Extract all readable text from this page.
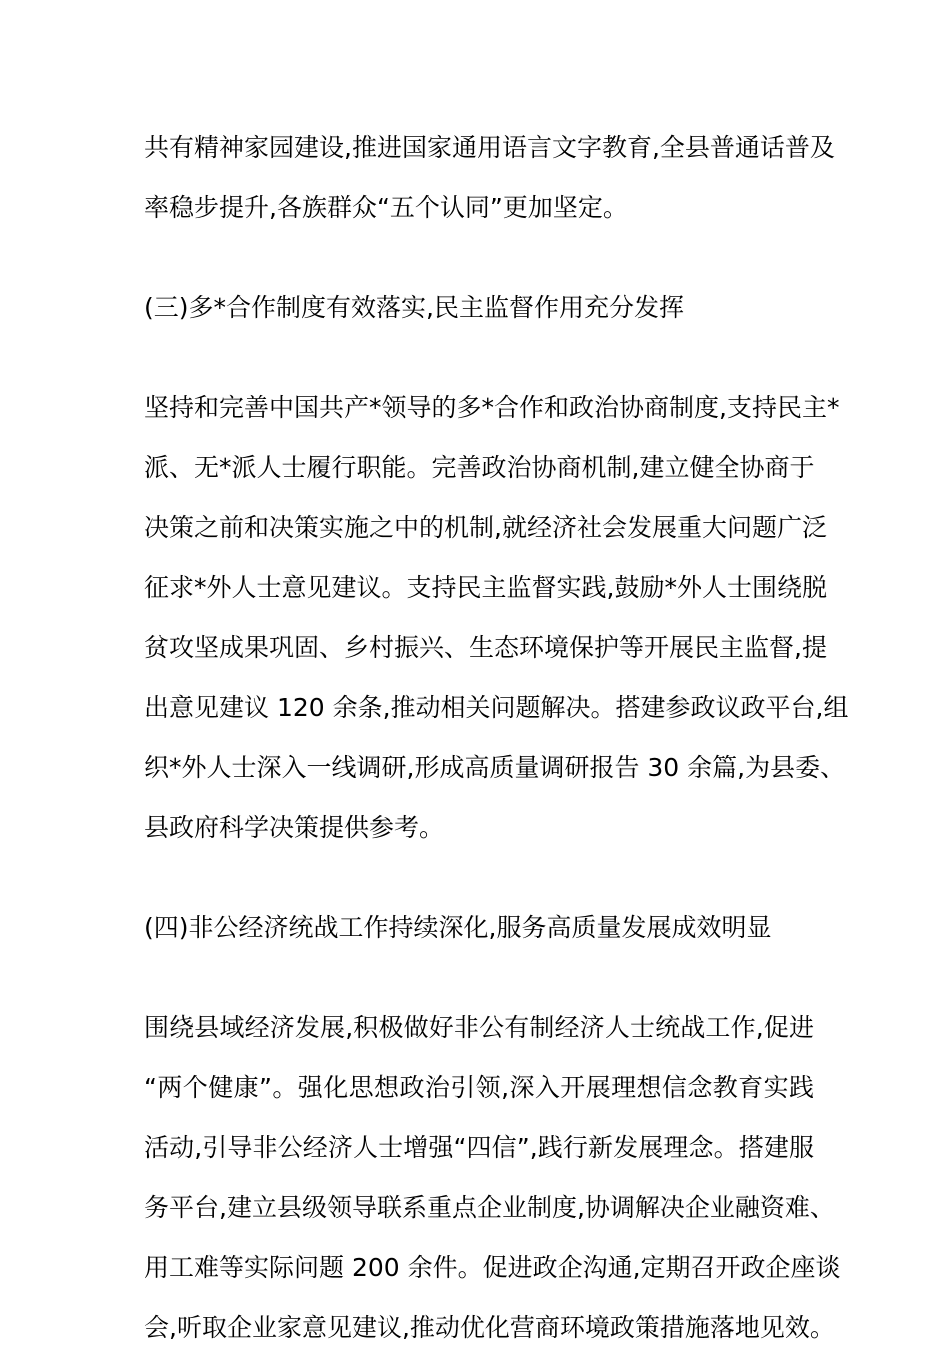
共有精神家园建设,推进国家通用语言文字教育,全县普通话普及
率稳步提升,各族群众“五个认同”更加坚定。
(三)多*合作制度有效落实,民主监督作用充分发挥
坚持和完善中国共产*领导的多*合作和政治协商制度,支持民主*
派、无*派人士履行职能。完善政治协商机制,建立健全协商于
决策之前和决策实施之中的机制,就经济社会发展重大问题广泛
征求*外人士意见建议。支持民主监督实践,鼓励*外人士围绕脱
贫攻坚成果巩固、乡村振兴、生态环境保护等开展民主监督,提
出意见建议 120 余条,推动相关问题解决。搭建参政议政平台,组
织*外人士深入一线调研,形成高质量调研报告 30 余篇,为县委、
县政府科学决策提供参考。
(四)非公经济统战工作持续深化,服务高质量发展成效明显
围绕县域经济发展,积极做好非公有制经济人士统战工作,促进
“两个健康”。强化思想政治引领,深入开展理想信念教育实践
活动,引导非公经济人士增强“四信”,践行新发展理念。搭建服
务平台,建立县级领导联系重点企业制度,协调解决企业融资难、
用工难等实际问题 200 余件。促进政企沟通,定期召开政企座谈
会,听取企业家意见建议,推动优化营商环境政策措施落地见效。
